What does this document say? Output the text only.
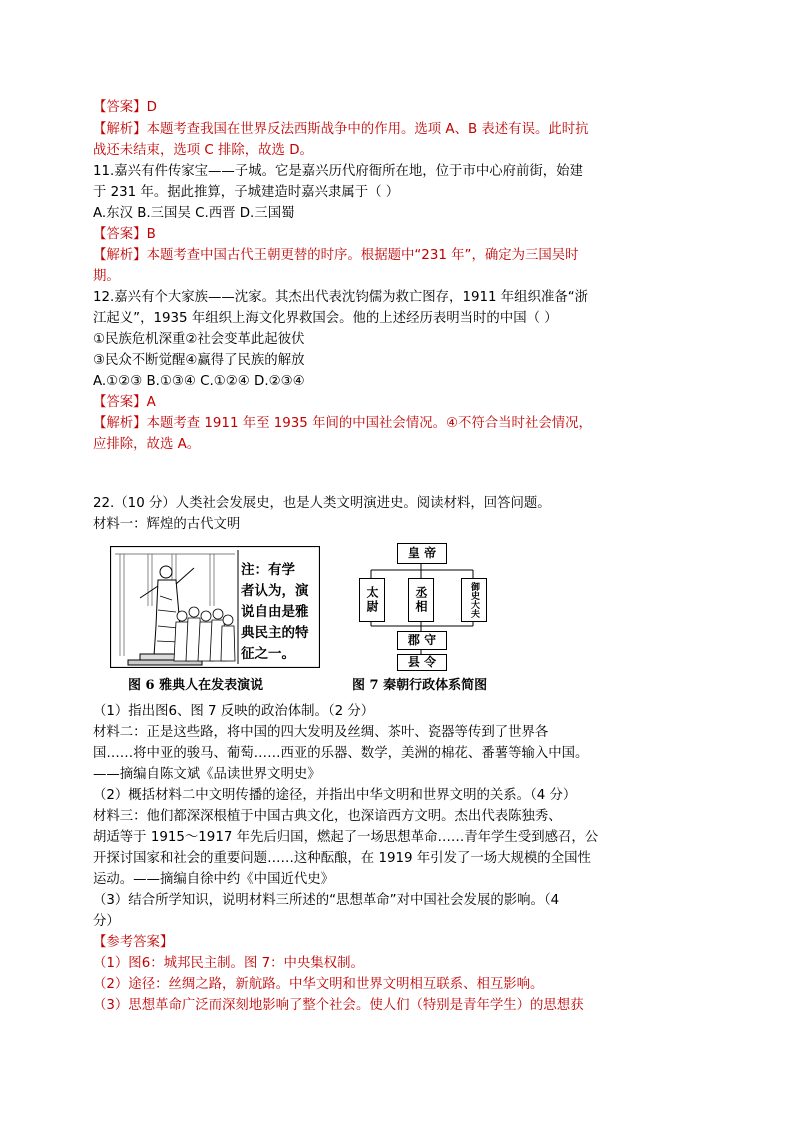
【答案】D
【解析】本题考查我国在世界反法西斯战争中的作用。选项 A、B 表述有误。此时抗
战还未结束，选项 C 排除，故选 D。
11.嘉兴有件传家宝——子城。它是嘉兴历代府衙所在地，位于市中心府前街，始建
于 231 年。据此推算，子城建造时嘉兴隶属于（ ）
A.东汉 B.三国吴 C.西晋 D.三国蜀
【答案】B
【解析】本题考查中国古代王朝更替的时序。根据题中“231 年”，确定为三国吴时
期。
12.嘉兴有个大家族——沈家。其杰出代表沈钧儒为救亡图存，1911 年组织准备“浙
江起义”，1935 年组织上海文化界救国会。他的上述经历表明当时的中国（ ）
①民族危机深重②社会变革此起彼伏
③民众不断觉醒④赢得了民族的解放
A.①②③ B.①③④ C.①②④ D.②③④
【答案】A
【解析】本题考查 1911 年至 1935 年间的中国社会情况。④不符合当时社会情况，
应排除，故选 A。
22.（10 分）人类社会发展史，也是人类文明演进史。阅读材料，回答问题。
材料一：辉煌的古代文明
注：有学
者认为，演
说自由是雅
典民主的特
征之一。
图 6 雅典人在发表演说
皇 帝
太尉	丞相	御史大夫
郡 守
县 令
图 7 秦朝行政体系简图
（1）指出图6、图 7 反映的政治体制。（2 分）
材料二：正是这些路，将中国的四大发明及丝绸、茶叶、瓷器等传到了世界各
国……将中亚的骏马、葡萄……西亚的乐器、数学，美洲的棉花、番薯等输入中国。
——摘编自陈文斌《品读世界文明史》
（2）概括材料二中文明传播的途径，并指出中华文明和世界文明的关系。（4 分）
材料三：他们都深深根植于中国古典文化，也深谙西方文明。杰出代表陈独秀、
胡适等于 1915～1917 年先后归国，燃起了一场思想革命……青年学生受到感召，公
开探讨国家和社会的重要问题……这种酝酿，在 1919 年引发了一场大规模的全国性
运动。——摘编自徐中约《中国近代史》
（3）结合所学知识，说明材料三所述的“思想革命”对中国社会发展的影响。（4
分）
【参考答案】
（1）图6：城邦民主制。图 7：中央集权制。
（2）途径：丝绸之路，新航路。中华文明和世界文明相互联系、相互影响。
（3）思想革命广泛而深刻地影响了整个社会。使人们（特别是青年学生）的思想获
